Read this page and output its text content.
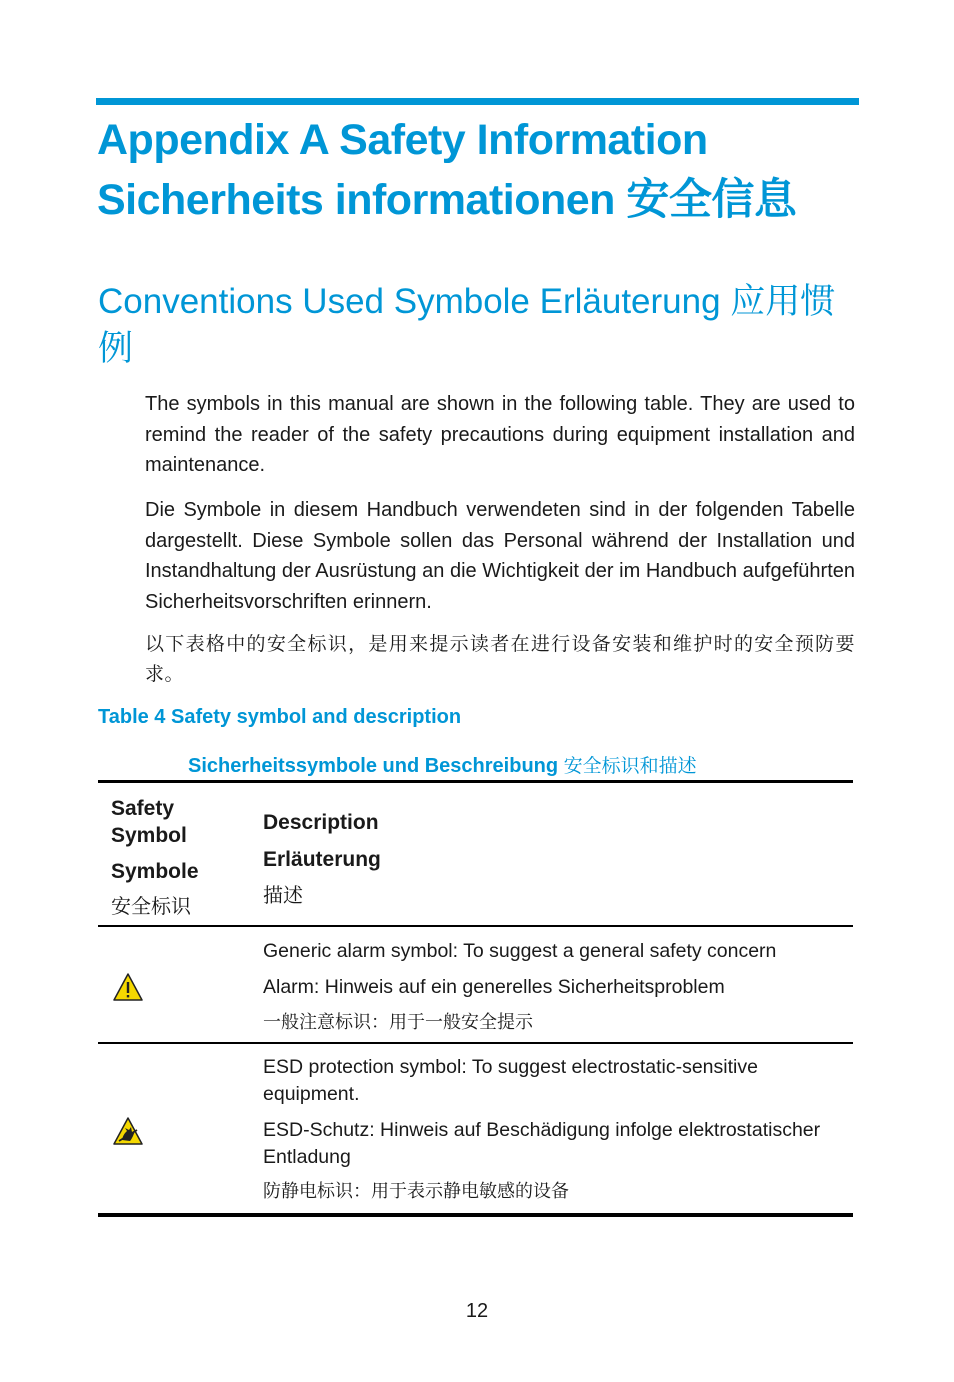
Appendix A Safety Information
Sicherheits informationen 安全信息
Conventions Used Symbole Erläuterung 应用惯例
The symbols in this manual are shown in the following table. They are used to remind the reader of the safety precautions during equipment installation and maintenance.
Die Symbole in diesem Handbuch verwendeten sind in der folgenden Tabelle dargestellt. Diese Symbole sollen das Personal während der Installation und Instandhaltung der Ausrüstung an die Wichtigkeit der im Handbuch aufgeführten Sicherheitsvorschriften erinnern.
以下表格中的安全标识，是用来提示读者在进行设备安装和维护时的安全预防要求。
Table 4 Safety symbol and description
Sicherheitssymbole und Beschreibung 安全标识和描述
Safety
Symbol
Symbole
安全标识
Description
Erläuterung
描述
Generic alarm symbol: To suggest a general safety concern
Alarm: Hinweis auf ein generelles Sicherheitsproblem
一般注意标识：用于一般安全提示
ESD protection symbol: To suggest electrostatic-sensitive equipment.
ESD-Schutz: Hinweis auf Beschädigung infolge elektrostatischer Entladung
防静电标识：用于表示静电敏感的设备
12
